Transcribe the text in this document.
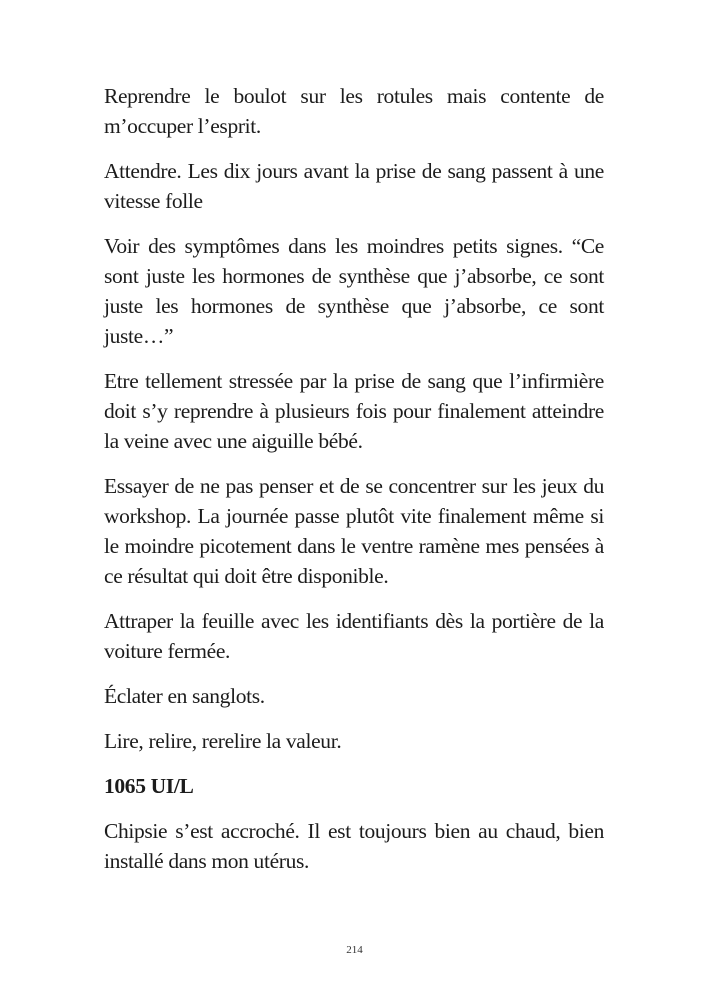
Reprendre le boulot sur les rotules mais contente de m’occuper l’esprit.

Attendre. Les dix jours avant la prise de sang passent à une vitesse folle

Voir des symptômes dans les moindres petits signes. “Ce sont juste les hormones de synthèse que j’absorbe, ce sont juste les hormones de synthèse que j’absorbe, ce sont juste…”

Etre tellement stressée par la prise de sang que l’infirmière doit s’y reprendre à plusieurs fois pour finalement atteindre la veine avec une aiguille bébé.

Essayer de ne pas penser et de se concentrer sur les jeux du workshop. La journée passe plutôt vite finalement même si le moindre picotement dans le ventre ramène mes pensées à ce résultat qui doit être disponible.

Attraper la feuille avec les identifiants dès la portière de la voiture fermée.

Éclater en sanglots.

Lire, relire, rerelire la valeur.

1065 UI/L

Chipsie s’est accroché. Il est toujours bien au chaud, bien installé dans mon utérus.

214
